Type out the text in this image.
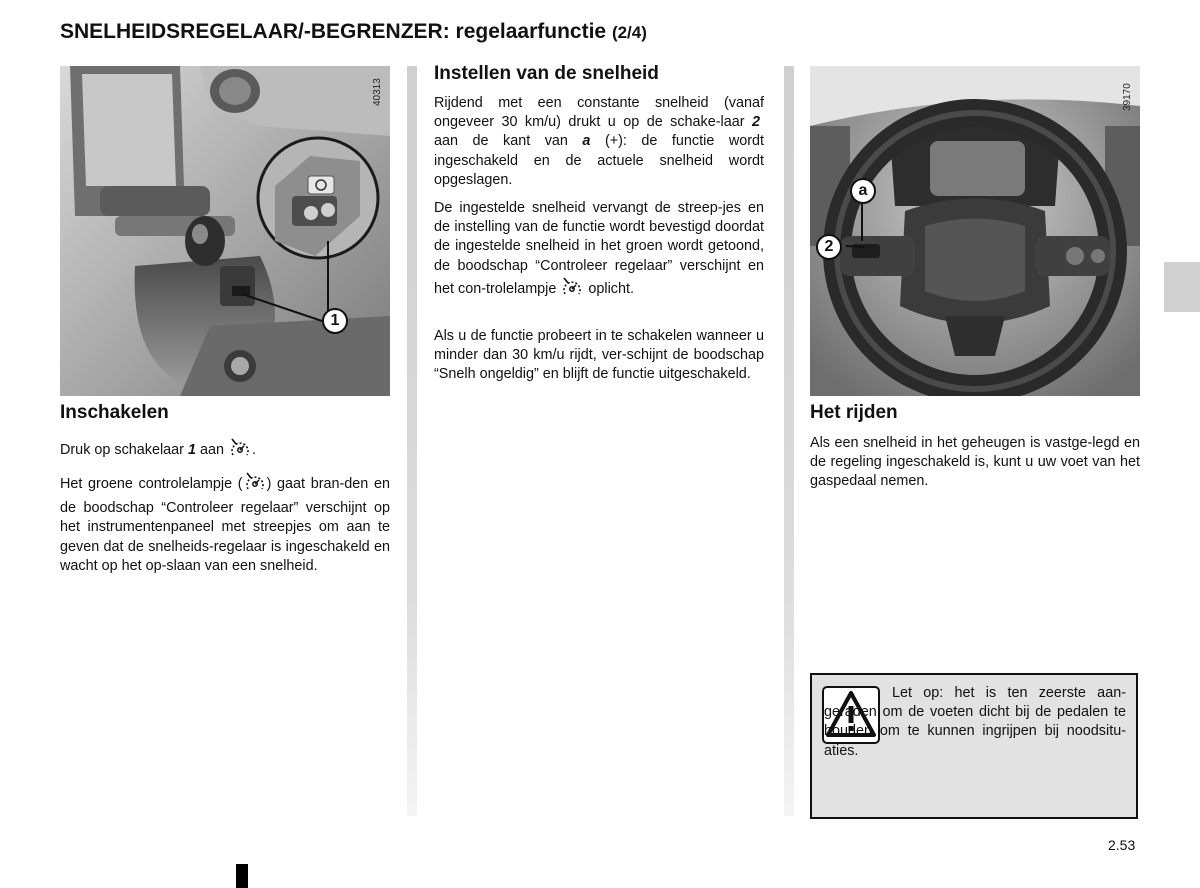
SNELHEIDSREGELAAR/-BEGRENZER: regelaarfunctie (2/4)
1
40313
a
2
39170
Inschakelen

Druk op schakelaar 1 aan .

Het groene controlelampje ( ) gaat bran-den en de boodschap “Controleer regelaar” verschijnt op het instrumentenpaneel met streepjes om aan te geven dat de snelheids-regelaar is ingeschakeld en wacht op het op-slaan van een snelheid.

Instellen van de snelheid

Rijdend met een constante snelheid (vanaf ongeveer 30 km/u) drukt u op de schake-laar 2  aan de kant van a (+): de functie wordt ingeschakeld en de actuele snelheid wordt opgeslagen.

De ingestelde snelheid vervangt de streep-jes en de instelling van de functie wordt bevestigd doordat de ingestelde snelheid in het groen wordt getoond, de boodschap “Controleer regelaar” verschijnt en het con-trolelampje oplicht.

Als u de functie probeert in te schakelen wanneer u minder dan 30 km/u rijdt, ver-schijnt de boodschap “Snelh ongeldig” en blijft de functie uitgeschakeld.

Het rijden

Als een snelheid in het geheugen is vastge-legd en de regeling ingeschakeld is, kunt u uw voet van het gaspedaal nemen.

Let op: het is ten zeerste aan-geraden om de voeten dicht bij de pedalen te houden om te kunnen ingrijpen bij noodsitu-aties.

2.53
